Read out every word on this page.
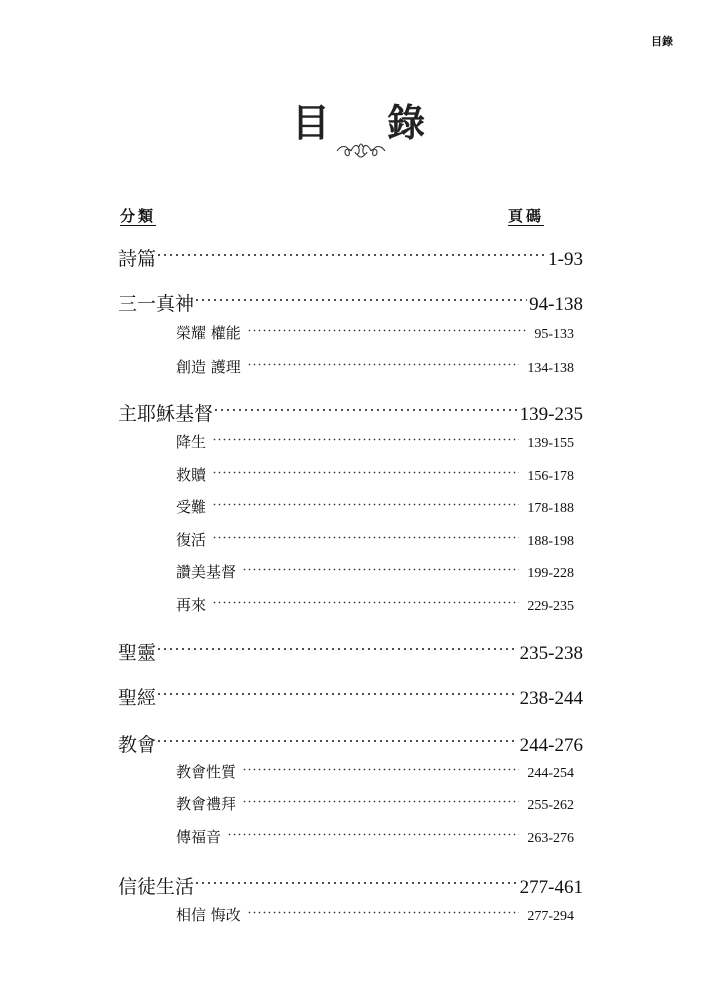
目錄
目 錄
分類	頁碼
詩篇	1-93
三一真神	94-138
榮耀 權能	95-133
創造 護理	134-138
主耶穌基督	139-235
降生	139-155
救贖	156-178
受難	178-188
復活	188-198
讚美基督	199-228
再來	229-235
聖靈	235-238
聖經	238-244
教會	244-276
教會性質	244-254
教會禮拜	255-262
傳福音	263-276
信徒生活	277-461
相信 悔改	277-294
